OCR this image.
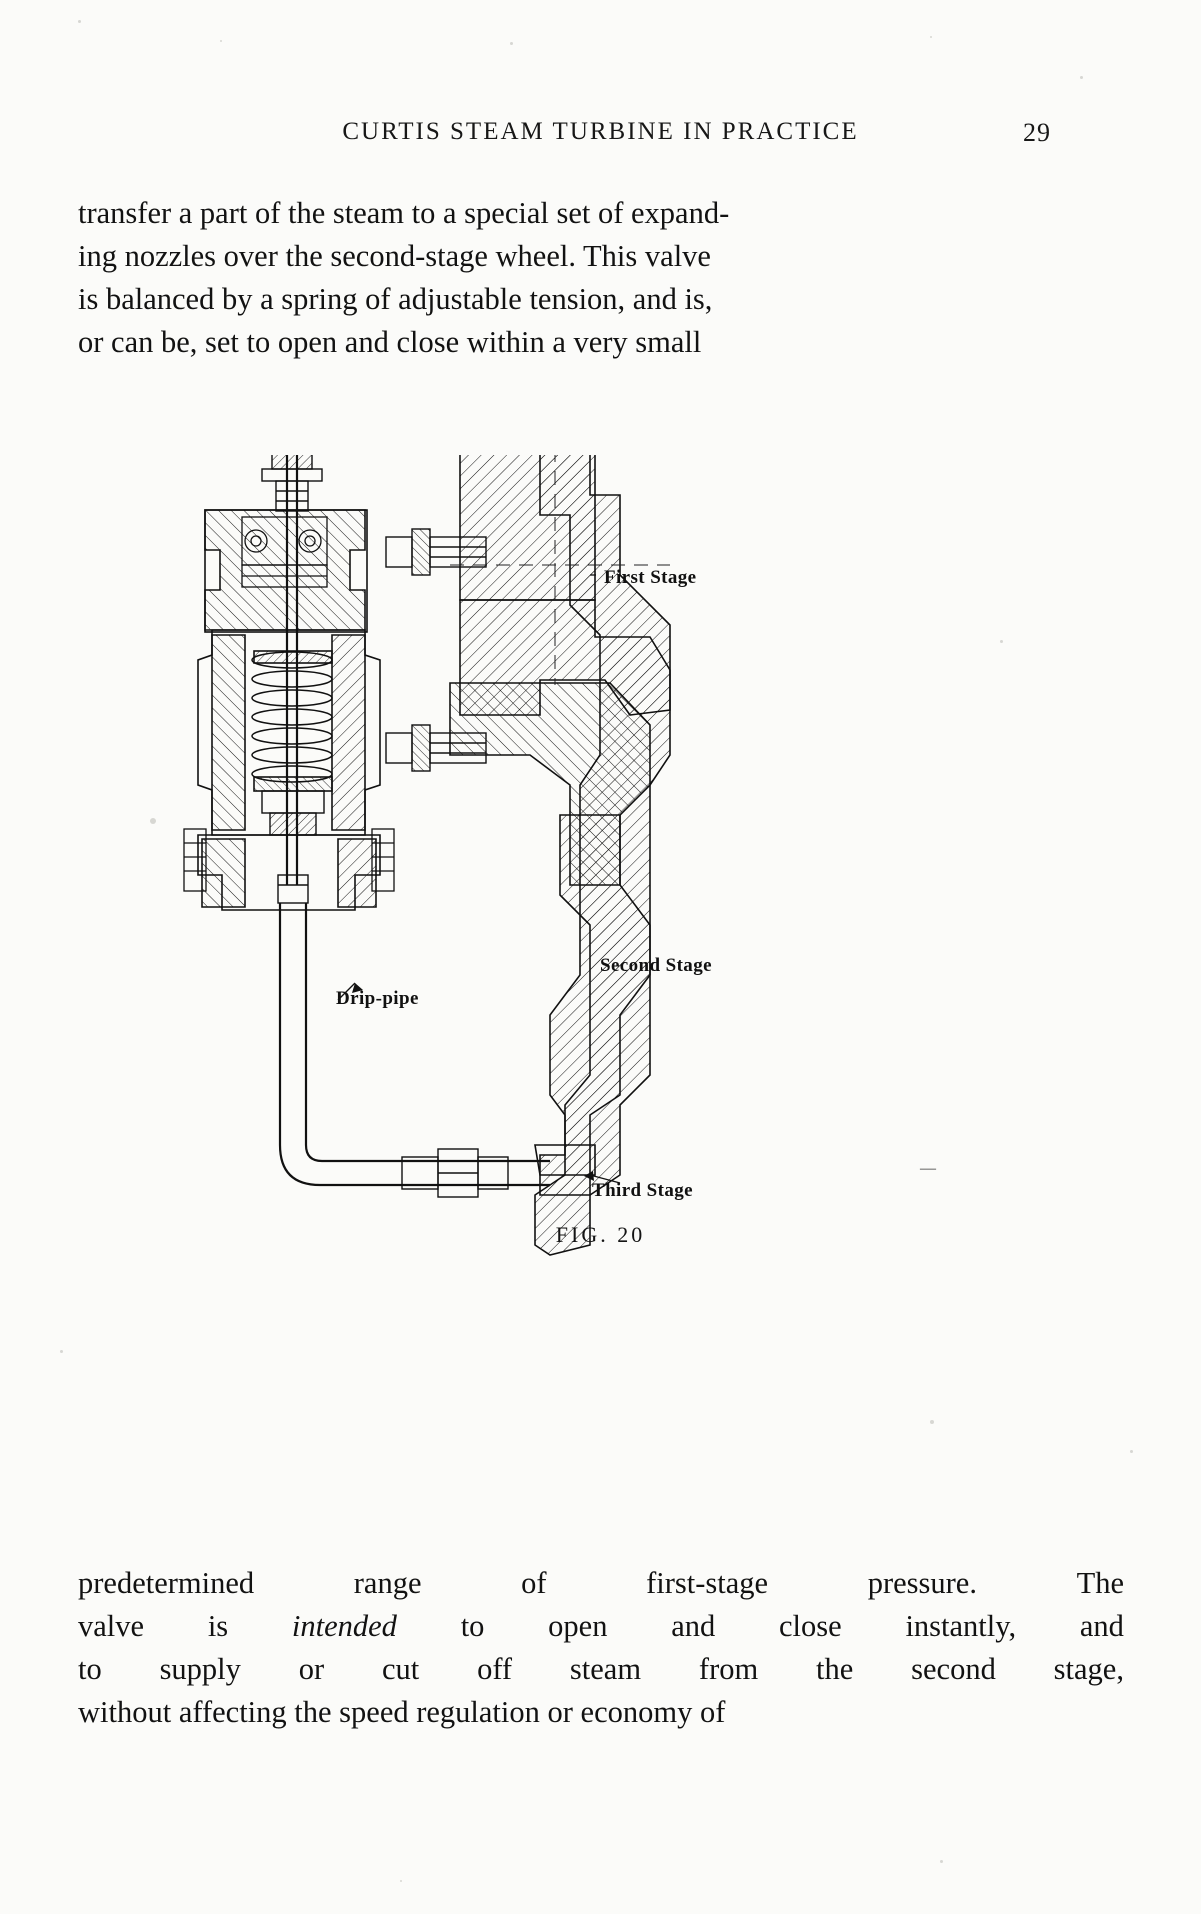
CURTIS STEAM TURBINE IN PRACTICE	29
transfer a part of the steam to a special set of expand-
ing nozzles over the second-stage wheel. This valve
is balanced by a spring of adjustable tension, and is,
or can be, set to open and close within a very small
First Stage
Second Stage
Third Stage
Drip-pipe
FIG. 20
predetermined	range	of	first-stage	pressure.	The
valve is intended to open and close instantly, and
to supply or cut off steam from the second stage,
without affecting the speed regulation or economy of
—
